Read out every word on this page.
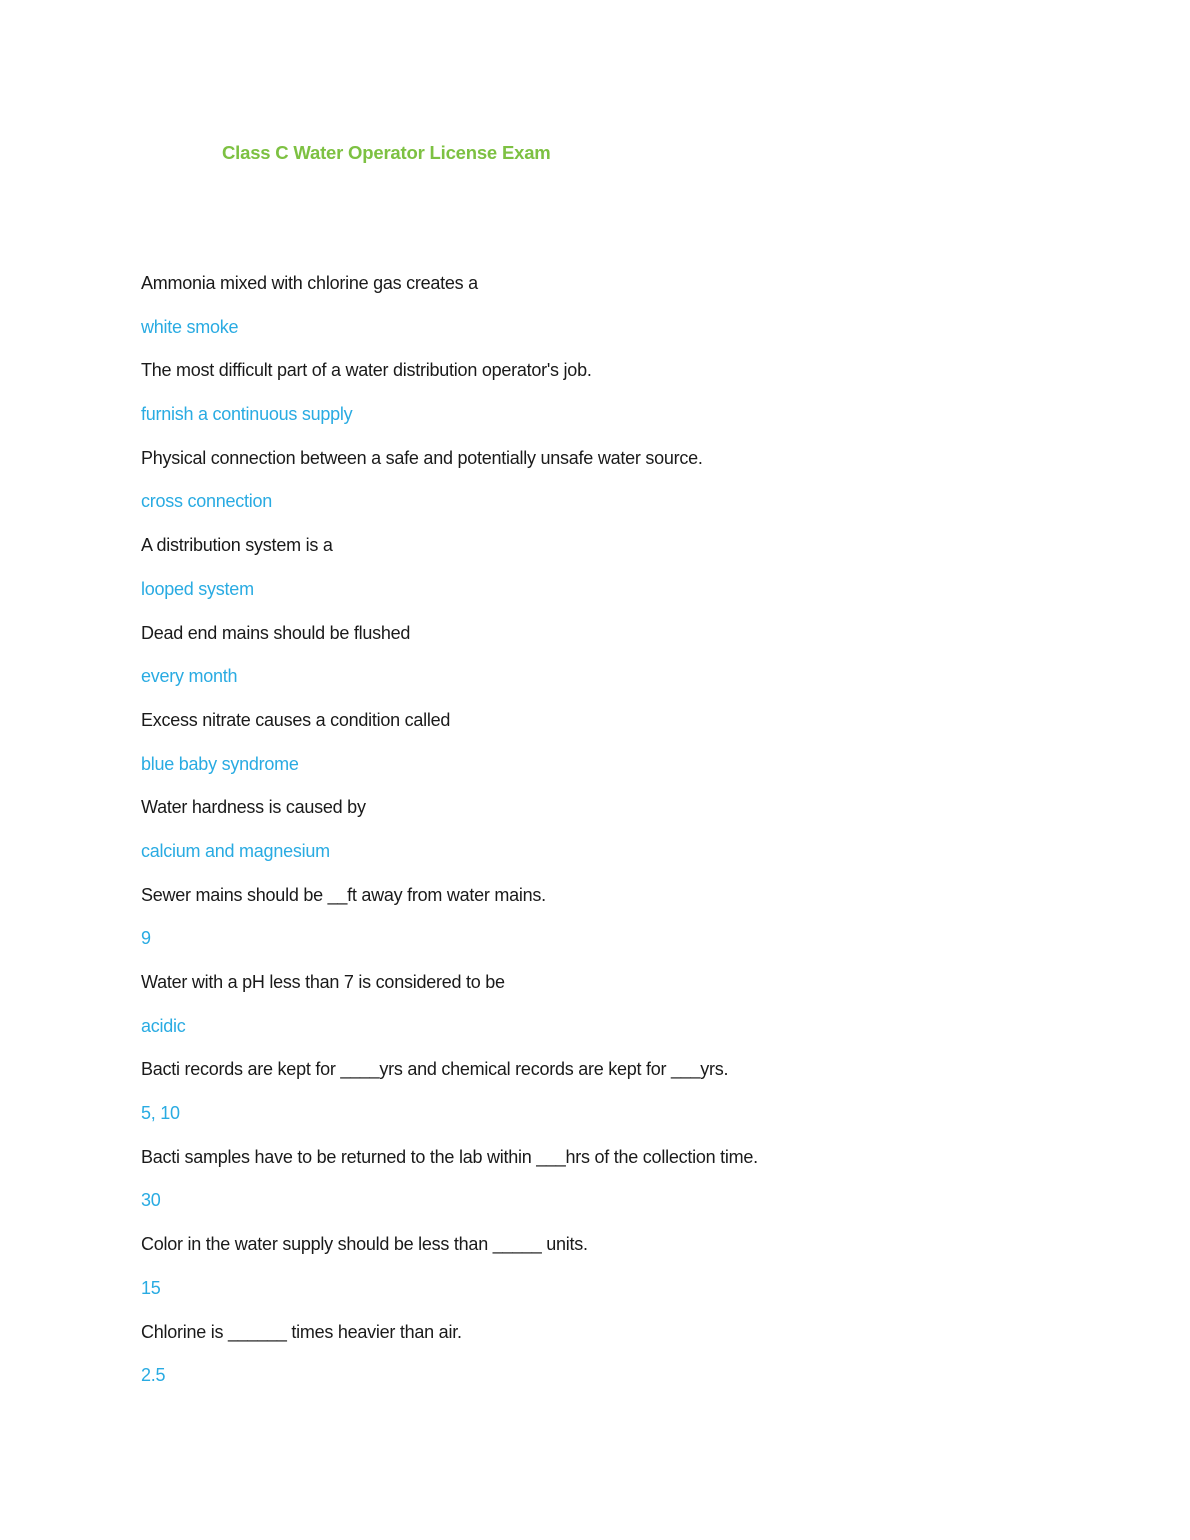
Class C Water Operator License Exam

Ammonia mixed with chlorine gas creates a

white smoke

The most difficult part of a water distribution operator's job.

furnish a continuous supply

Physical connection between a safe and potentially unsafe water source.

cross connection

A distribution system is a

looped system

Dead end mains should be flushed

every month

Excess nitrate causes a condition called

blue baby syndrome

Water hardness is caused by

calcium and magnesium

Sewer mains should be __ft away from water mains.

9

Water with a pH less than 7 is considered to be

acidic

Bacti records are kept for ____yrs and chemical records are kept for ___yrs.

5, 10

Bacti samples have to be returned to the lab within ___hrs of the collection time.

30

Color in the water supply should be less than _____ units.

15

Chlorine is ______ times heavier than air.

2.5
